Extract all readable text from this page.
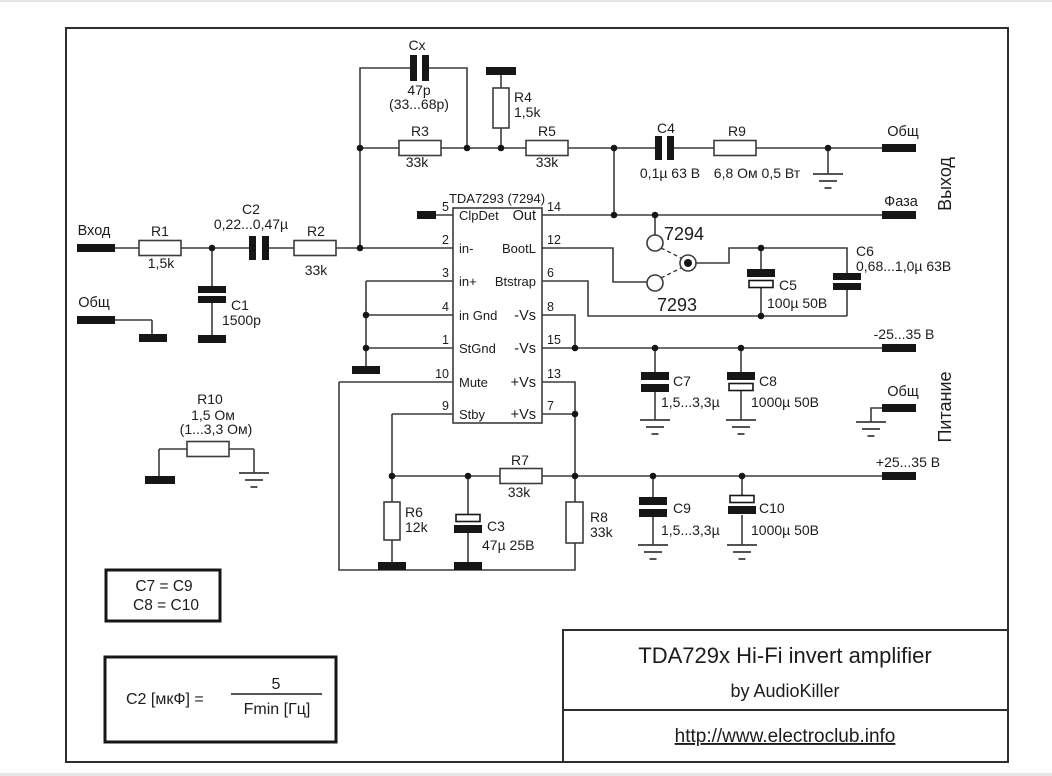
TDA7293 (7294)
5
2
3
4
1
10
9
ClpDet
in-
in+
in Gnd
StGnd
Mute
Stby
Out
BootL
Btstrap
-Vs
-Vs
+Vs
+Vs
14
12
6
8
15
13
7
7294
7293
R1
1,5k
C2
0,22...0,47µ R2
33k
C1
1500p
Cx
47p
(33...68p)
R3
33k
R4
1,5k
R5
33k
C4
0,1µ 63 В
R9
6,8 Ом 0,5 Вт
C5
100µ 50В
C6
0,68...1,0µ 63В
C7
1,5...3,3µ
C8
1000µ 50В
R6
12k	C3
47µ 25В
R7
33k
R8
33k
C9
1,5...3,3µ
C10
1000µ 50В
R10
1,5 Ом
(1...3,3 Ом)
Вход
Общ
Общ
Фаза Выход
-25...35 В
Общ
+25...35 В
Питание
C7 = C9
C8 = C10
C2 [мкФ] =
5
Fmin [Гц]
TDA729x Hi-Fi invert amplifier
by AudioKiller
http://www.electroclub.info
